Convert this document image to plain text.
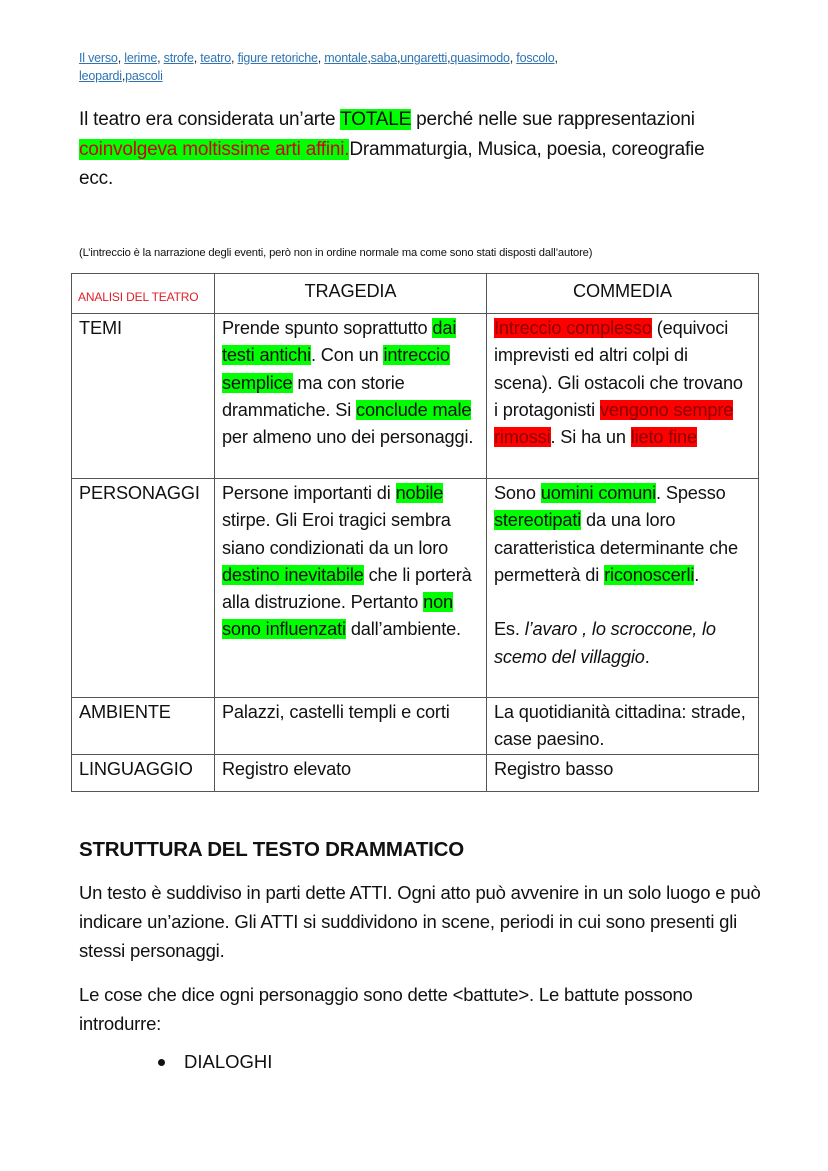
Il verso, lerime, strofe, teatro, figure retoriche, montale,saba,ungaretti,quasimodo, foscolo,
leopardi,pascoli

Il teatro era considerata un’arte TOTALE perché nelle sue rappresentazioni coinvolgeva moltissime arti affini.Drammaturgia, Musica, poesia, coreografie ecc.

(L’intreccio è la narrazione degli eventi, però non in ordine normale ma come sono stati disposti dall’autore)
ANALISI DEL TEATRO	TRAGEDIA	COMMEDIA
TEMI	Prende spunto soprattutto dai testi antichi. Con un intreccio semplice ma con storie drammatiche. Si conclude male per almeno uno dei personaggi.	Intreccio complesso (equivoci imprevisti ed altri colpi di scena). Gli ostacoli che trovano i protagonisti vengono sempre rimossi. Si ha un lieto fine
PERSONAGGI	Persone importanti di nobile stirpe. Gli Eroi tragici sembra siano condizionati da un loro destino inevitabile che li porterà alla distruzione. Pertanto non sono influenzati dall’ambiente.	Sono uomini comuni. Spesso stereotipati da una loro caratteristica determinante che permetterà di riconoscerli.

Es. l’avaro , lo scroccone, lo scemo del villaggio.
AMBIENTE	Palazzi, castelli templi e corti	La quotidianità cittadina: strade, case paesino.
LINGUAGGIO	Registro elevato	Registro basso
STRUTTURA DEL TESTO DRAMMATICO

Un testo è suddiviso in parti dette ATTI. Ogni atto può avvenire in un solo luogo e può indicare un’azione. Gli ATTI si suddividono in scene, periodi in cui sono presenti gli stessi personaggi.

Le cose che dice ogni personaggio sono dette <battute>. Le battute possono introdurre:

DIALOGHI
